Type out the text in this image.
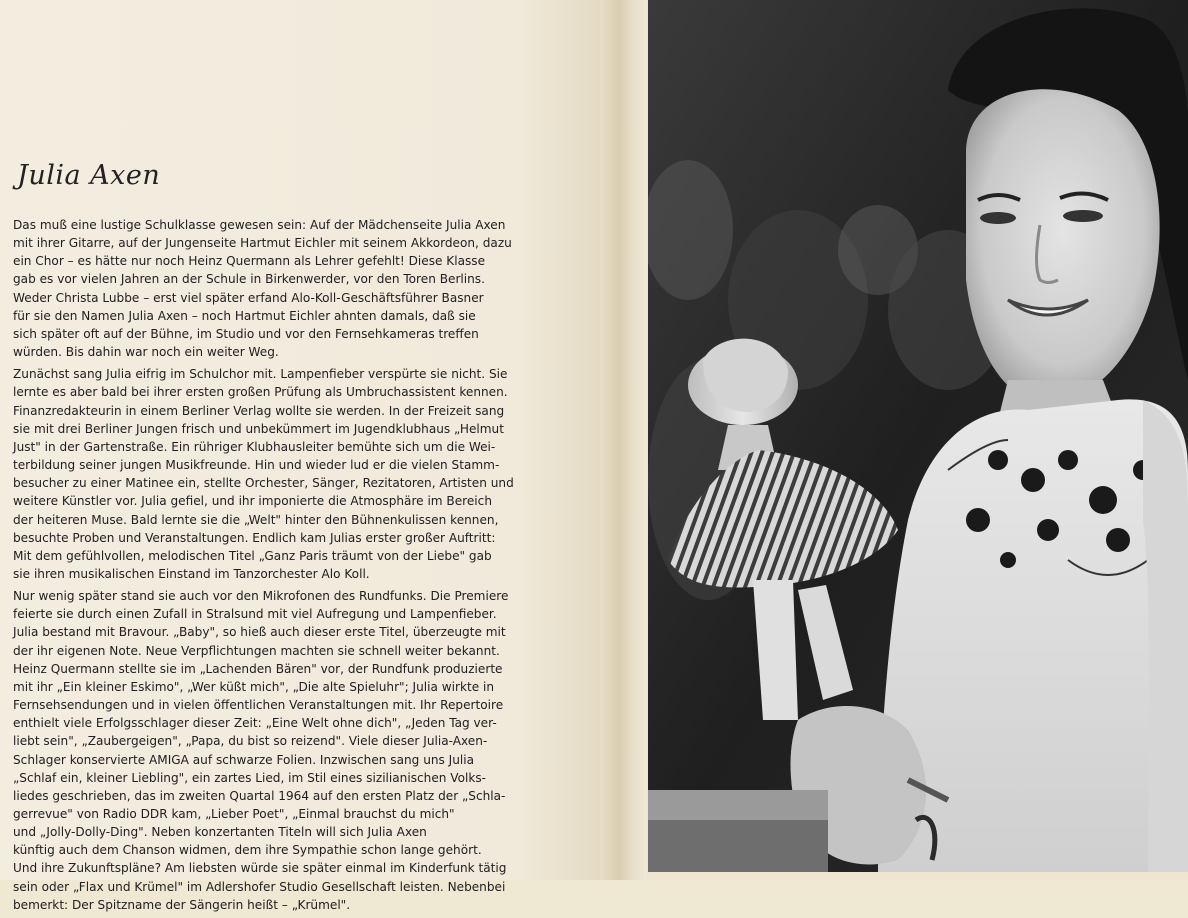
Julia Axen

Das muß eine lustige Schulklasse gewesen sein: Auf der Mädchenseite Julia Axen
mit ihrer Gitarre, auf der Jungenseite Hartmut Eichler mit seinem Akkordeon, dazu
ein Chor – es hätte nur noch Heinz Quermann als Lehrer gefehlt! Diese Klasse
gab es vor vielen Jahren an der Schule in Birkenwerder, vor den Toren Berlins.
Weder Christa Lubbe – erst viel später erfand Alo-Koll-Geschäftsführer Basner
für sie den Namen Julia Axen – noch Hartmut Eichler ahnten damals, daß sie
sich später oft auf der Bühne, im Studio und vor den Fernsehkameras treffen
würden. Bis dahin war noch ein weiter Weg.

Zunächst sang Julia eifrig im Schulchor mit. Lampenfieber verspürte sie nicht. Sie
lernte es aber bald bei ihrer ersten großen Prüfung als Umbruchassistent kennen.
Finanzredakteurin in einem Berliner Verlag wollte sie werden. In der Freizeit sang
sie mit drei Berliner Jungen frisch und unbekümmert im Jugendklubhaus „Helmut
Just" in der Gartenstraße. Ein rühriger Klubhausleiter bemühte sich um die Wei-
terbildung seiner jungen Musikfreunde. Hin und wieder lud er die vielen Stamm-
besucher zu einer Matinee ein, stellte Orchester, Sänger, Rezitatoren, Artisten und
weitere Künstler vor. Julia gefiel, und ihr imponierte die Atmosphäre im Bereich
der heiteren Muse. Bald lernte sie die „Welt" hinter den Bühnenkulissen kennen,
besuchte Proben und Veranstaltungen. Endlich kam Julias erster großer Auftritt:
Mit dem gefühlvollen, melodischen Titel „Ganz Paris träumt von der Liebe" gab
sie ihren musikalischen Einstand im Tanzorchester Alo Koll.

Nur wenig später stand sie auch vor den Mikrofonen des Rundfunks. Die Premiere
feierte sie durch einen Zufall in Stralsund mit viel Aufregung und Lampenfieber.
Julia bestand mit Bravour. „Baby", so hieß auch dieser erste Titel, überzeugte mit
der ihr eigenen Note. Neue Verpflichtungen machten sie schnell weiter bekannt.
Heinz Quermann stellte sie im „Lachenden Bären" vor, der Rundfunk produzierte
mit ihr „Ein kleiner Eskimo", „Wer küßt mich", „Die alte Spieluhr"; Julia wirkte in
Fernsehsendungen und in vielen öffentlichen Veranstaltungen mit. Ihr Repertoire
enthielt viele Erfolgsschlager dieser Zeit: „Eine Welt ohne dich", „Jeden Tag ver-
liebt sein", „Zaubergeigen", „Papa, du bist so reizend". Viele dieser Julia-Axen-
Schlager konservierte AMIGA auf schwarze Folien. Inzwischen sang uns Julia
„Schlaf ein, kleiner Liebling", ein zartes Lied, im Stil eines sizilianischen Volks-
liedes geschrieben, das im zweiten Quartal 1964 auf den ersten Platz der „Schla-
gerrevue" von Radio DDR kam, „Lieber Poet", „Einmal brauchst du mich"
und „Jolly-Dolly-Ding". Neben konzertanten Titeln will sich Julia Axen
künftig auch dem Chanson widmen, dem ihre Sympathie schon lange gehört.
Und ihre Zukunftspläne? Am liebsten würde sie später einmal im Kinderfunk tätig
sein oder „Flax und Krümel" im Adlershofer Studio Gesellschaft leisten. Nebenbei
bemerkt: Der Spitzname der Sängerin heißt – „Krümel".
